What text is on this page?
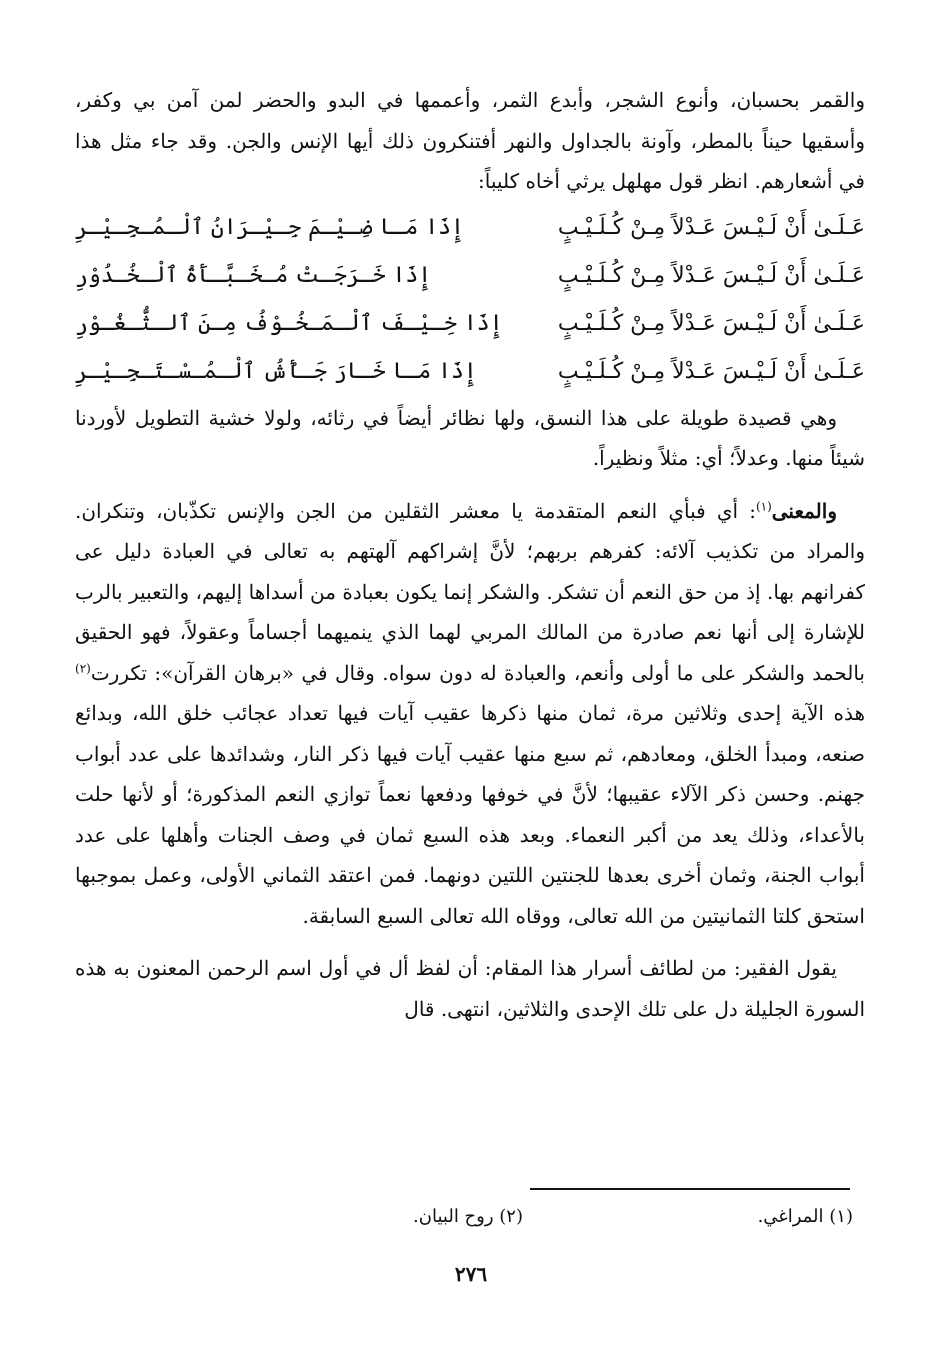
والقمر بحسبان، وأنوع الشجر، وأبدع الثمر، وأعممها في البدو والحضر لمن آمن بي وكفر، وأسقيها حيناً بالمطر، وآونة بالجداول والنهر أفتنكرون ذلك أيها الإنس والجن. وقد جاء مثل هذا في أشعارهم. انظر قول مهلهل يرثي أخاه كليباً:

عَـلَـىٰ أَنْ لَـيْـسَ عَـدْلاً مِـنْ كُـلَـيْـبٍ
إِذَا مَـا ضِـيْـمَ جِـيْـرَانُ ٱلْـمُـجِـيْـرِ
عَـلَـىٰ أَنْ لَـيْـسَ عَـدْلاً مِـنْ كُـلَـيْـبٍ
إِذَا خَـرَجَـتْ مُـخَـبَّـأَةُ ٱلْـخُـدُوْرِ
عَـلَـىٰ أَنْ لَـيْـسَ عَـدْلاً مِـنْ كُـلَـيْـبٍ
إِذَا خِـيْـفَ ٱلْـمَـخُـوْفُ مِـنَ ٱلـثُّـغُـوْرِ
عَـلَـىٰ أَنْ لَـيْـسَ عَـدْلاً مِـنْ كُـلَـيْـبٍ
إِذَا مَـا خَـارَ جَـأْشُ ٱلْـمُـسْـتَـجِـيْـرِ

وهي قصيدة طويلة على هذا النسق، ولها نظائر أيضاً في رثائه، ولولا خشية التطويل لأوردنا شيئاً منها. وعدلاً؛ أي: مثلاً ونظيراً.

والمعنى$^{(١)}$: أي فبأي النعم المتقدمة يا معشر الثقلين من الجن والإنس تكذّبان، وتنكران. والمراد من تكذيب آلائه: كفرهم بربهم؛ لأنَّ إشراكهم آلهتهم به تعالى في العبادة دليل عى كفرانهم بها. إذ من حق النعم أن تشكر. والشكر إنما يكون بعبادة من أسداها إليهم، والتعبير بالرب للإشارة إلى أنها نعم صادرة من المالك المربي لهما الذي ينميهما أجساماً وعقولاً، فهو الحقيق بالحمد والشكر على ما أولى وأنعم، والعبادة له دون سواه. وقال في «برهان القرآن»: تكررت$^{(٢)}$ هذه الآية إحدى وثلاثين مرة، ثمان منها ذكرها عقيب آيات فيها تعداد عجائب خلق الله، وبدائع صنعه، ومبدأ الخلق، ومعادهم، ثم سبع منها عقيب آيات فيها ذكر النار، وشدائدها على عدد أبواب جهنم. وحسن ذكر الآلاء عقيبها؛ لأنَّ في خوفها ودفعها نعماً توازي النعم المذكورة؛ أو لأنها حلت بالأعداء، وذلك يعد من أكبر النعماء. وبعد هذه السبع ثمان في وصف الجنات وأهلها على عدد أبواب الجنة، وثمان أخرى بعدها للجنتين اللتين دونهما. فمن اعتقد الثماني الأولى، وعمل بموجبها استحق كلتا الثمانيتين من الله تعالى، ووقاه الله تعالى السبع السابقة.

يقول الفقير: من لطائف أسرار هذا المقام: أن لفظ أل في أول اسم الرحمن المعنون به هذه السورة الجليلة دل على تلك الإحدى والثلاثين، انتهى. قال

(١) المراغي.
(٢) روح البيان.
٢٧٦
